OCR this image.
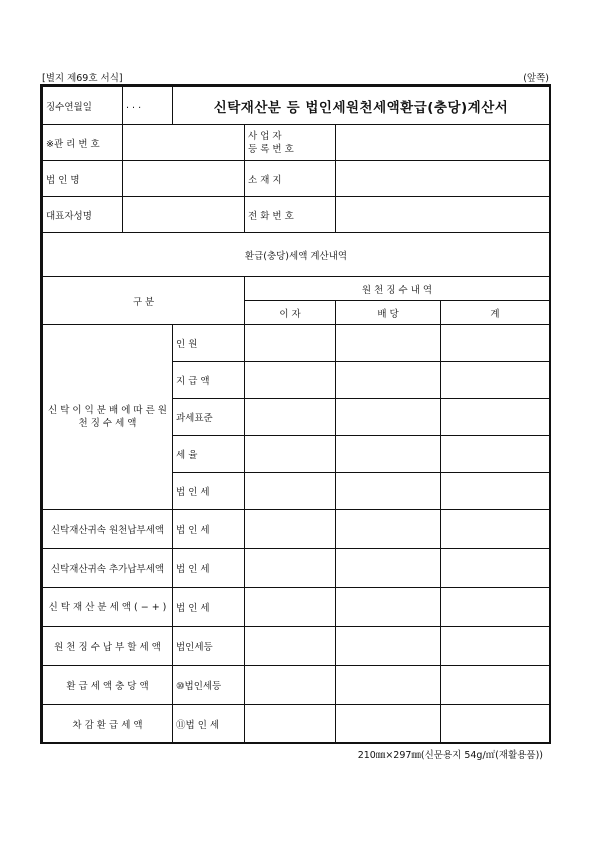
[별지 제69호 서식]	(앞쪽)
징수연월일	. . .	신탁재산분 등 법인세원천세액환급(충당)계산서			
※관 리 번 호			사 업 자
등 록 번 호		

법 인 명			소 재 지		
대표자성명			전 화 번 호		
환급(충당)세액 계산내역					
구 분			원 천 징 수 내 역		
			이 자	배 당	계
신 탁 이 익 분 배 에 따 른 원 천 징 수 세 액		인 원			
		지 급 액			
		과세표준			
		세 율			
		법 인 세			
신탁재산귀속 원천납부세액		법 인 세			
신탁재산귀속 추가납부세액		법 인 세			
신 탁 재 산 분 세 액 ( − + )		법 인 세			
원 천 징 수 납 부 할 세 액		법인세등			
환 급 세 액 충 당 액		⑩법인세등			
차 감 환 급 세 액		⑪법 인 세			
210㎜×297㎜(신문용지 54g/㎡(재활용품))
